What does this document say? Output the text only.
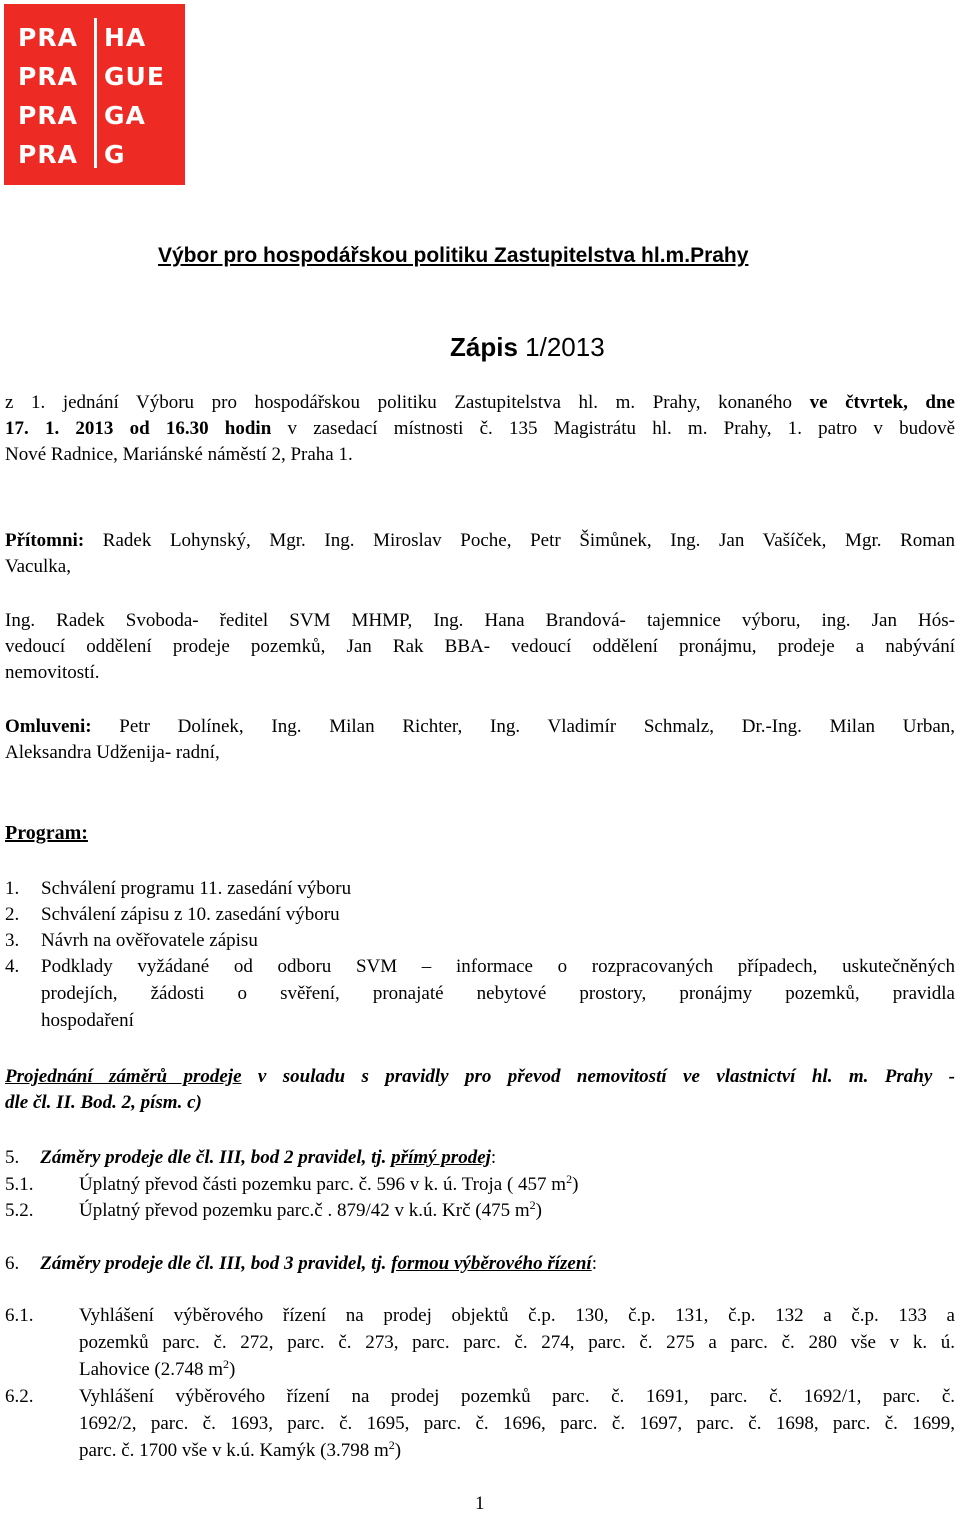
PRA
PRA
PRA
PRA
HA
GUE
GA
G
Výbor pro hospodářskou politiku Zastupitelstva hl.m.Prahy
Zápis 1/2013
z 1. jednání Výboru pro hospodářskou politiku Zastupitelstva hl. m. Prahy, konaného ve čtvrtek, dne
17. 1. 2013 od 16.30 hodin v zasedací místnosti č. 135 Magistrátu hl. m. Prahy, 1. patro v budově
Nové Radnice, Mariánské náměstí 2, Praha 1.
Přítomni: Radek Lohynský, Mgr. Ing. Miroslav Poche, Petr Šimůnek, Ing. Jan Vašíček, Mgr. Roman
Vaculka,
Ing. Radek Svoboda- ředitel SVM MHMP, Ing. Hana Brandová- tajemnice výboru, ing. Jan Hós-
vedoucí oddělení prodeje pozemků, Jan Rak BBA- vedoucí oddělení pronájmu, prodeje a nabývání
nemovitostí.
Omluveni: Petr Dolínek, Ing. Milan Richter, Ing. Vladimír Schmalz, Dr.-Ing. Milan Urban,
Aleksandra Udženija- radní,
Program:
1. Schválení programu 11. zasedání výboru
2. Schválení zápisu z 10. zasedání výboru
3. Návrh na ověřovatele zápisu
4. Podklady vyžádané od odboru SVM – informace o rozpracovaných případech, uskutečněných
prodejích, žádosti o svěření, pronajaté nebytové prostory, pronájmy pozemků, pravidla
hospodaření
Projednání záměrů prodeje v souladu s pravidly pro převod nemovitostí ve vlastnictví hl. m. Prahy -
dle čl. II. Bod. 2, písm. c)
5. Záměry prodeje dle čl. III, bod 2 pravidel, tj. přímý prodej:
5.1. Úplatný převod části pozemku parc. č. 596 v k. ú. Troja ( 457 $m^2$)
5.2. Úplatný převod pozemku parc.č . 879/42 v k.ú. Krč (475 $m^2$)
6. Záměry prodeje dle čl. III, bod 3 pravidel, tj. formou výběrového řízení:
6.1. Vyhlášení výběrového řízení na prodej objektů č.p. 130, č.p. 131, č.p. 132 a č.p. 133 a
pozemků parc. č. 272, parc. č. 273, parc. parc. č. 274, parc. č. 275 a parc. č. 280 vše v k. ú.
Lahovice (2.748 $m^2$)
6.2. Vyhlášení výběrového řízení na prodej pozemků parc. č. 1691, parc. č. 1692/1, parc. č.
1692/2, parc. č. 1693, parc. č. 1695, parc. č. 1696, parc. č. 1697, parc. č. 1698, parc. č. 1699,
parc. č. 1700 vše v k.ú. Kamýk (3.798 $m^2$)
1
